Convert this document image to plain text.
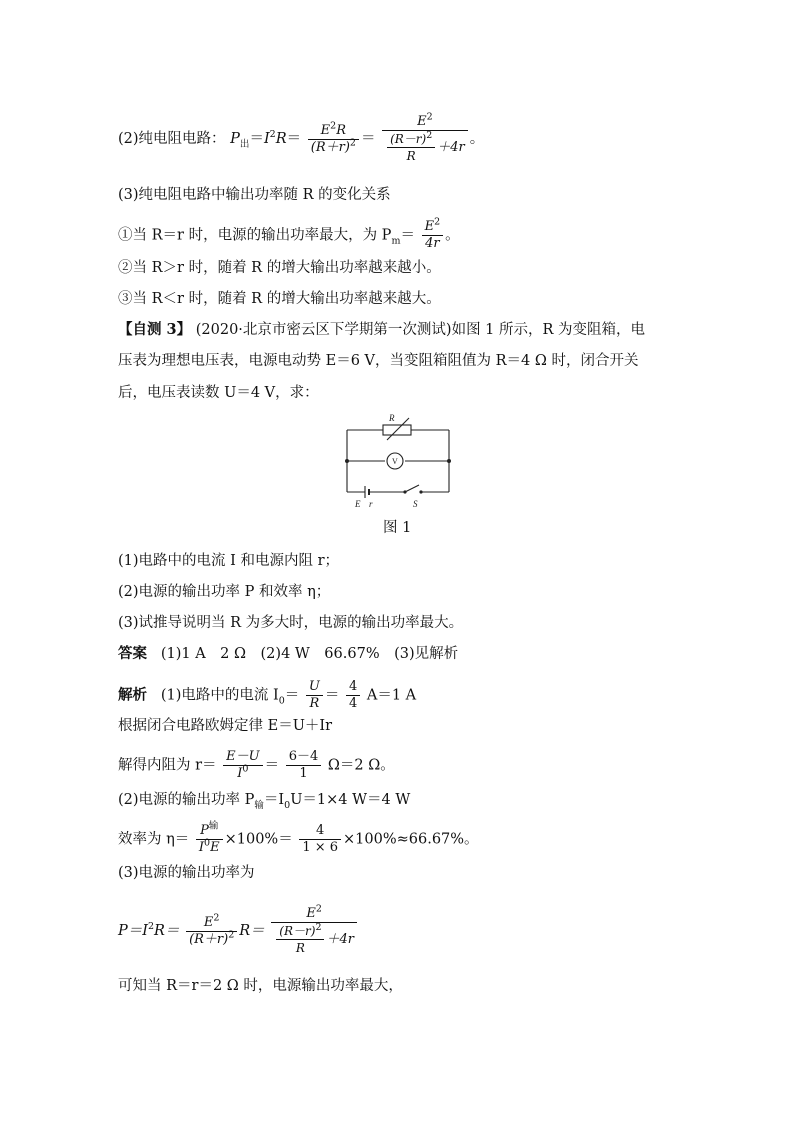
(2)纯电阻电路： $P_出=I^2R= \frac{E^2R}{(R+r)^2} = \frac{E^2}{\frac{(R-r)^2}{R} +4r}$ 。
(3)纯电阻电路中输出功率随 R 的变化关系
①当 R＝r 时，电源的输出功率最大，为 $P_m= \frac{E^2}{4r}$ 。
②当 R＞r 时，随着 R 的增大输出功率越来越小。
③当 R＜r 时，随着 R 的增大输出功率越来越大。
【自测 3】 (2020·北京市密云区下学期第一次测试)如图 1 所示，R 为变阻箱，电
压表为理想电压表，电源电动势 E＝6 V，当变阻箱阻值为 R＝4 Ω 时，闭合开关
后，电压表读数 U＝4 V，求：
R
V
E r	S
图 1
(1)电路中的电流 I 和电源内阻 r；
(2)电源的输出功率 P 和效率 η；
(3)试推导说明当 R 为多大时，电源的输出功率最大。
答案 (1)1 A　2 Ω　(2)4 W　66.67%　(3)见解析
解析 (1)电路中的电流 $I_0= \frac{U}{R} = \frac{4}{4} A=1$ A
根据闭合电路欧姆定律 E＝U＋Ir
解得内阻为 $r= \frac{E-U}{I^0} = \frac{6-4}{1} \Omega=2$ Ω。
(2)电源的输出功率 $P_输=I_0U=1\times 4$ W＝4 W
效率为 $\eta= \frac{P^输}{I^0E} \times 100\%= \frac{4}{1 \times 6} \times 100\%\approx 66.67\%$。
(3)电源的输出功率为
$P=I^2R= \frac{E^2}{(R+r)^2} R= \frac{E^2}{\frac{(R-r)^2}{R} +4r}$
可知当 R＝r＝2 Ω 时，电源输出功率最大，
